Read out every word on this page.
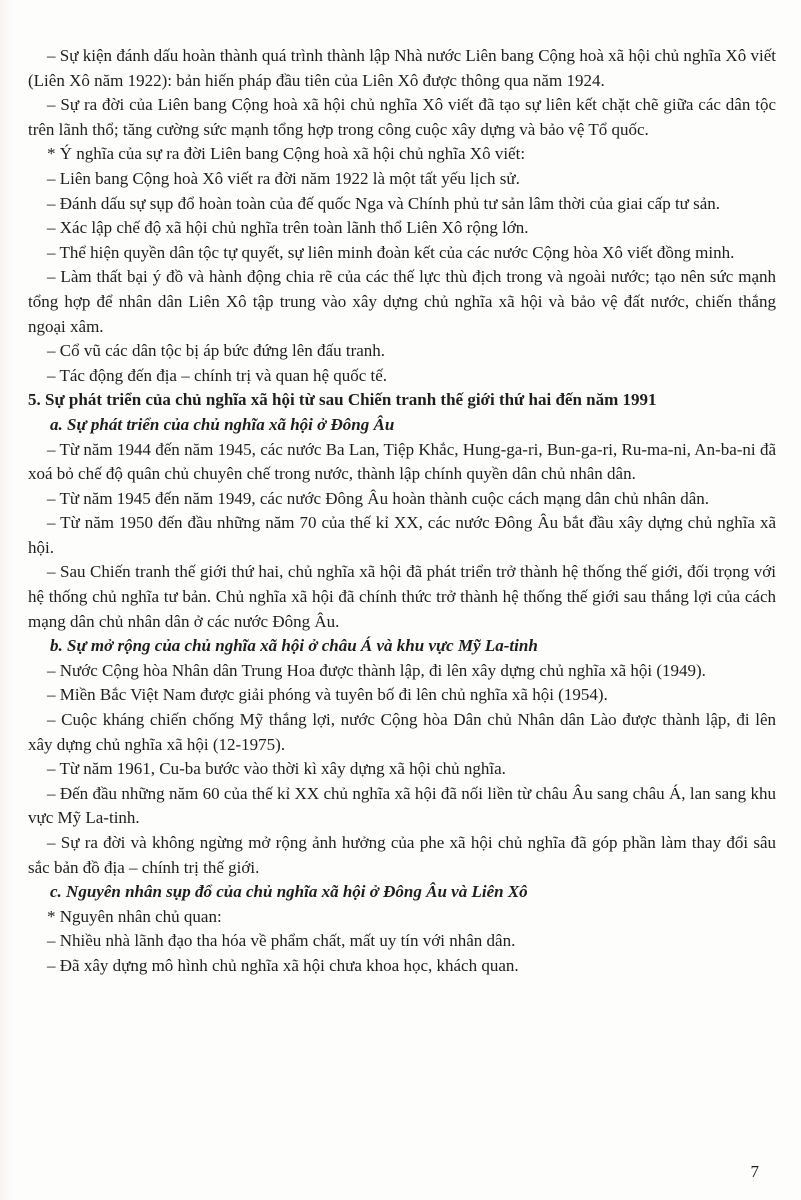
– Sự kiện đánh dấu hoàn thành quá trình thành lập Nhà nước Liên bang Cộng hoà xã hội chủ nghĩa Xô viết (Liên Xô năm 1922): bản hiến pháp đầu tiên của Liên Xô được thông qua năm 1924.

– Sự ra đời của Liên bang Cộng hoà xã hội chủ nghĩa Xô viết đã tạo sự liên kết chặt chẽ giữa các dân tộc trên lãnh thổ; tăng cường sức mạnh tổng hợp trong công cuộc xây dựng và bảo vệ Tổ quốc.

* Ý nghĩa của sự ra đời Liên bang Cộng hoà xã hội chủ nghĩa Xô viết:

– Liên bang Cộng hoà Xô viết ra đời năm 1922 là một tất yếu lịch sử.

– Đánh dấu sự sụp đổ hoàn toàn của đế quốc Nga và Chính phủ tư sản lâm thời của giai cấp tư sản.

– Xác lập chế độ xã hội chủ nghĩa trên toàn lãnh thổ Liên Xô rộng lớn.

– Thể hiện quyền dân tộc tự quyết, sự liên minh đoàn kết của các nước Cộng hòa Xô viết đồng minh.

– Làm thất bại ý đồ và hành động chia rẽ của các thế lực thù địch trong và ngoài nước; tạo nên sức mạnh tổng hợp để nhân dân Liên Xô tập trung vào xây dựng chủ nghĩa xã hội và bảo vệ đất nước, chiến thắng ngoại xâm.

– Cổ vũ các dân tộc bị áp bức đứng lên đấu tranh.

– Tác động đến địa – chính trị và quan hệ quốc tế.

5. Sự phát triển của chủ nghĩa xã hội từ sau Chiến tranh thế giới thứ hai đến năm 1991

a. Sự phát triển của chủ nghĩa xã hội ở Đông Âu

– Từ năm 1944 đến năm 1945, các nước Ba Lan, Tiệp Khắc, Hung-ga-ri, Bun-ga-ri, Ru-ma-ni, An-ba-ni đã xoá bỏ chế độ quân chủ chuyên chế trong nước, thành lập chính quyền dân chủ nhân dân.

– Từ năm 1945 đến năm 1949, các nước Đông Âu hoàn thành cuộc cách mạng dân chủ nhân dân.

– Từ năm 1950 đến đầu những năm 70 của thế kỉ XX, các nước Đông Âu bắt đầu xây dựng chủ nghĩa xã hội.

– Sau Chiến tranh thế giới thứ hai, chủ nghĩa xã hội đã phát triển trở thành hệ thống thế giới, đối trọng với hệ thống chủ nghĩa tư bản. Chủ nghĩa xã hội đã chính thức trở thành hệ thống thế giới sau thắng lợi của cách mạng dân chủ nhân dân ở các nước Đông Âu.

b. Sự mở rộng của chủ nghĩa xã hội ở châu Á và khu vực Mỹ La-tinh

– Nước Cộng hòa Nhân dân Trung Hoa được thành lập, đi lên xây dựng chủ nghĩa xã hội (1949).

– Miền Bắc Việt Nam được giải phóng và tuyên bố đi lên chủ nghĩa xã hội (1954).

– Cuộc kháng chiến chống Mỹ thắng lợi, nước Cộng hòa Dân chủ Nhân dân Lào được thành lập, đi lên xây dựng chủ nghĩa xã hội (12-1975).

– Từ năm 1961, Cu-ba bước vào thời kì xây dựng xã hội chủ nghĩa.

– Đến đầu những năm 60 của thế kỉ XX chủ nghĩa xã hội đã nối liền từ châu Âu sang châu Á, lan sang khu vực Mỹ La-tinh.

– Sự ra đời và không ngừng mở rộng ảnh hưởng của phe xã hội chủ nghĩa đã góp phần làm thay đổi sâu sắc bản đồ địa – chính trị thế giới.

c. Nguyên nhân sụp đổ của chủ nghĩa xã hội ở Đông Âu và Liên Xô

* Nguyên nhân chủ quan:

– Nhiều nhà lãnh đạo tha hóa về phẩm chất, mất uy tín với nhân dân.

– Đã xây dựng mô hình chủ nghĩa xã hội chưa khoa học, khách quan.

7
